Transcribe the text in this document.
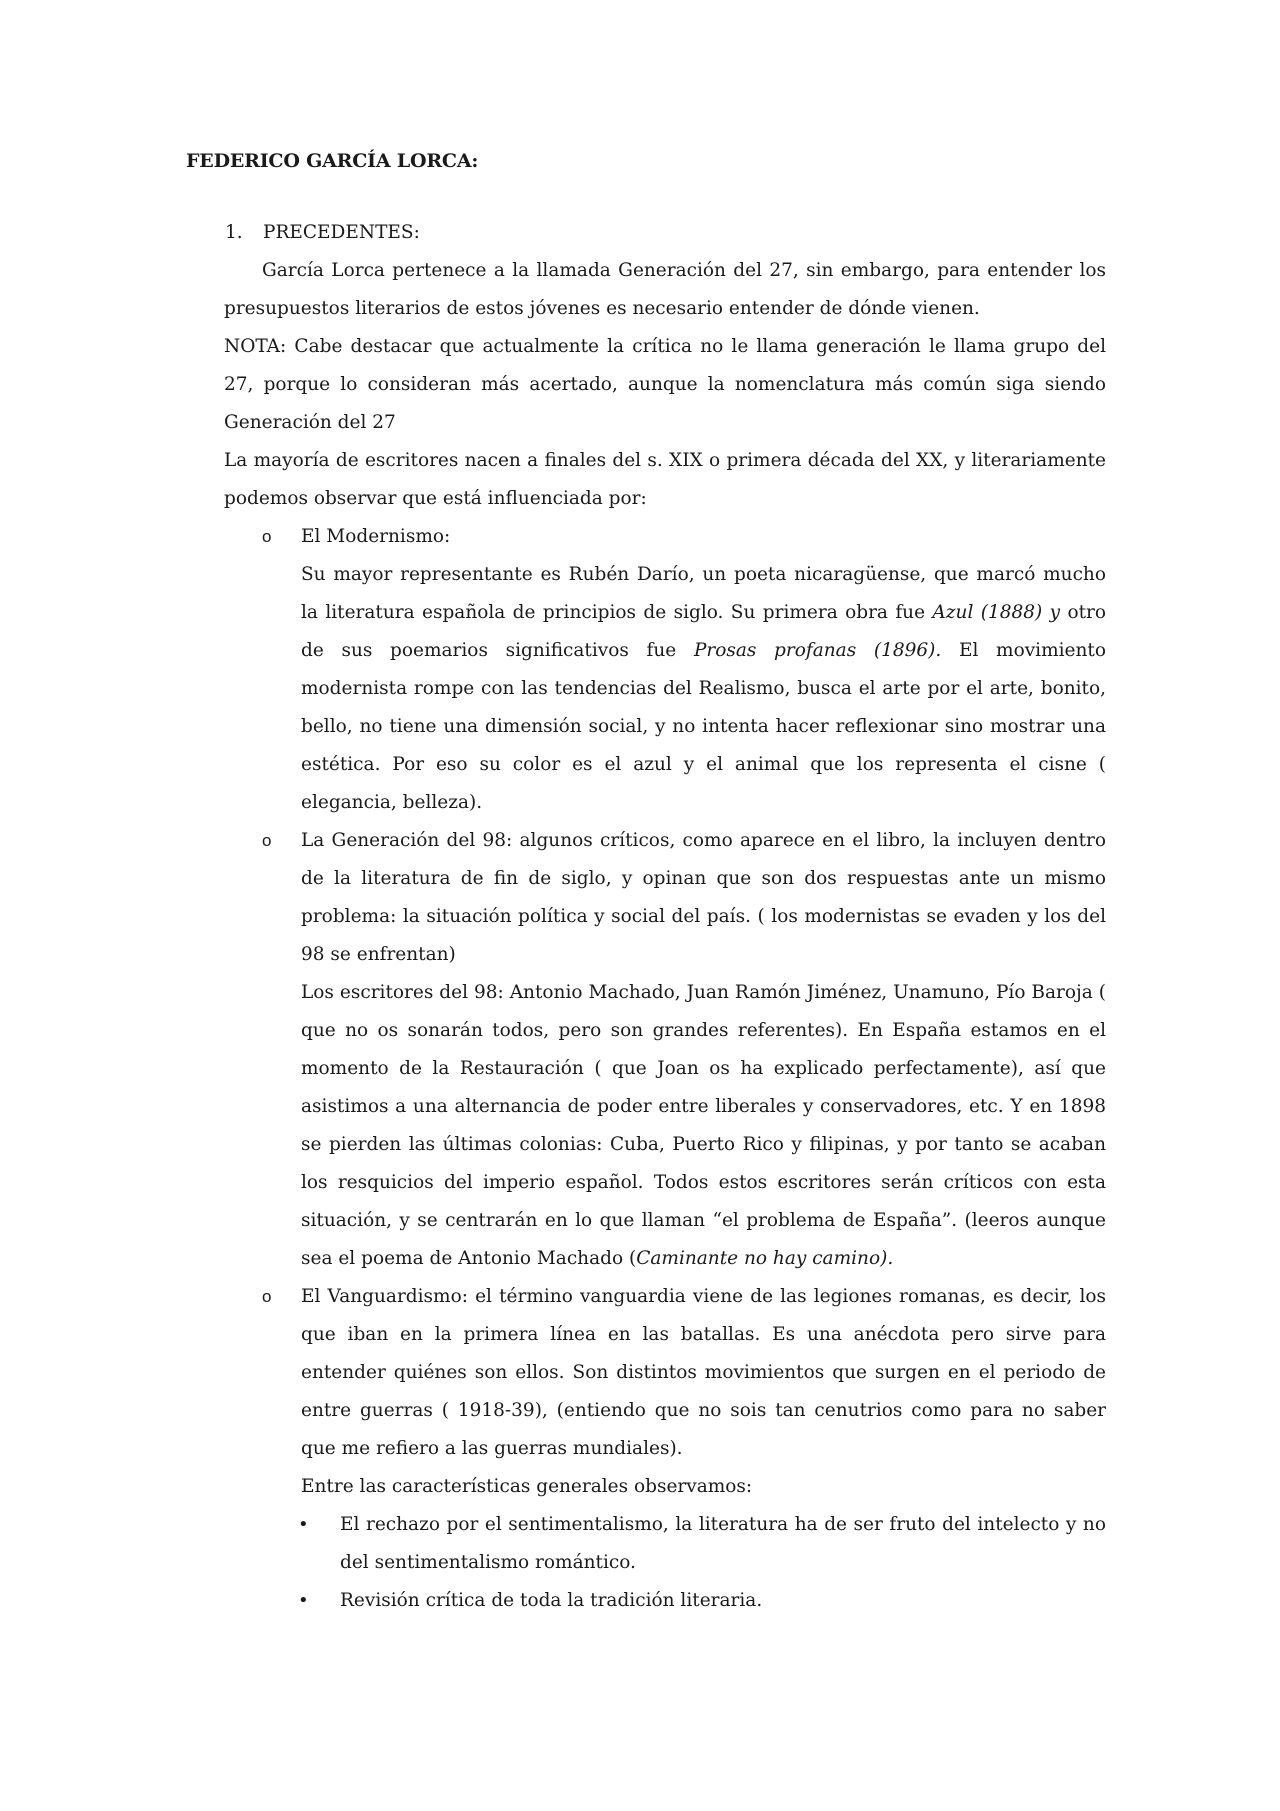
FEDERICO GARCÍA LORCA:
1.	PRECEDENTES:

García Lorca pertenece a la llamada Generación del 27, sin embargo, para entender los presupuestos literarios de estos jóvenes es necesario entender de dónde vienen.

NOTA: Cabe destacar que actualmente la crítica no le llama generación le llama grupo del 27, porque lo consideran más acertado, aunque la nomenclatura más común siga siendo Generación del 27

La mayoría de escritores nacen a finales del s. XIX o primera década del XX, y literariamente podemos observar que está influenciada por:

o El Modernismo:

Su mayor representante es Rubén Darío, un poeta nicaragüense, que marcó mucho la literatura española de principios de siglo. Su primera obra fue Azul (1888) y otro de sus poemarios significativos fue Prosas profanas (1896). El movimiento modernista rompe con las tendencias del Realismo, busca el arte por el arte, bonito, bello, no tiene una dimensión social, y no intenta hacer reflexionar sino mostrar una estética. Por eso su color es el azul y el animal que los representa el cisne ( elegancia, belleza).

o La Generación del 98: algunos críticos, como aparece en el libro, la incluyen dentro de la literatura de fin de siglo, y opinan que son dos respuestas ante un mismo problema: la situación política y social del país. ( los modernistas se evaden y los del 98 se enfrentan)

Los escritores del 98: Antonio Machado, Juan Ramón Jiménez, Unamuno, Pío Baroja ( que no os sonarán todos, pero son grandes referentes). En España estamos en el momento de la Restauración ( que Joan os ha explicado perfectamente), así que asistimos a una alternancia de poder entre liberales y conservadores, etc. Y en 1898 se pierden las últimas colonias: Cuba, Puerto Rico y filipinas, y por tanto se acaban los resquicios del imperio español. Todos estos escritores serán críticos con esta situación, y se centrarán en lo que llaman “el problema de España”. (leeros aunque sea el poema de Antonio Machado (Caminante no hay camino).

o El Vanguardismo: el término vanguardia viene de las legiones romanas, es decir, los que iban en la primera línea en las batallas. Es una anécdota pero sirve para entender quiénes son ellos. Son distintos movimientos que surgen en el periodo de entre guerras ( 1918-39), (entiendo que no sois tan cenutrios como para no saber que me refiero a las guerras mundiales).

Entre las características generales observamos:

• El rechazo por el sentimentalismo, la literatura ha de ser fruto del intelecto y no del sentimentalismo romántico.
• Revisión crítica de toda la tradición literaria.
